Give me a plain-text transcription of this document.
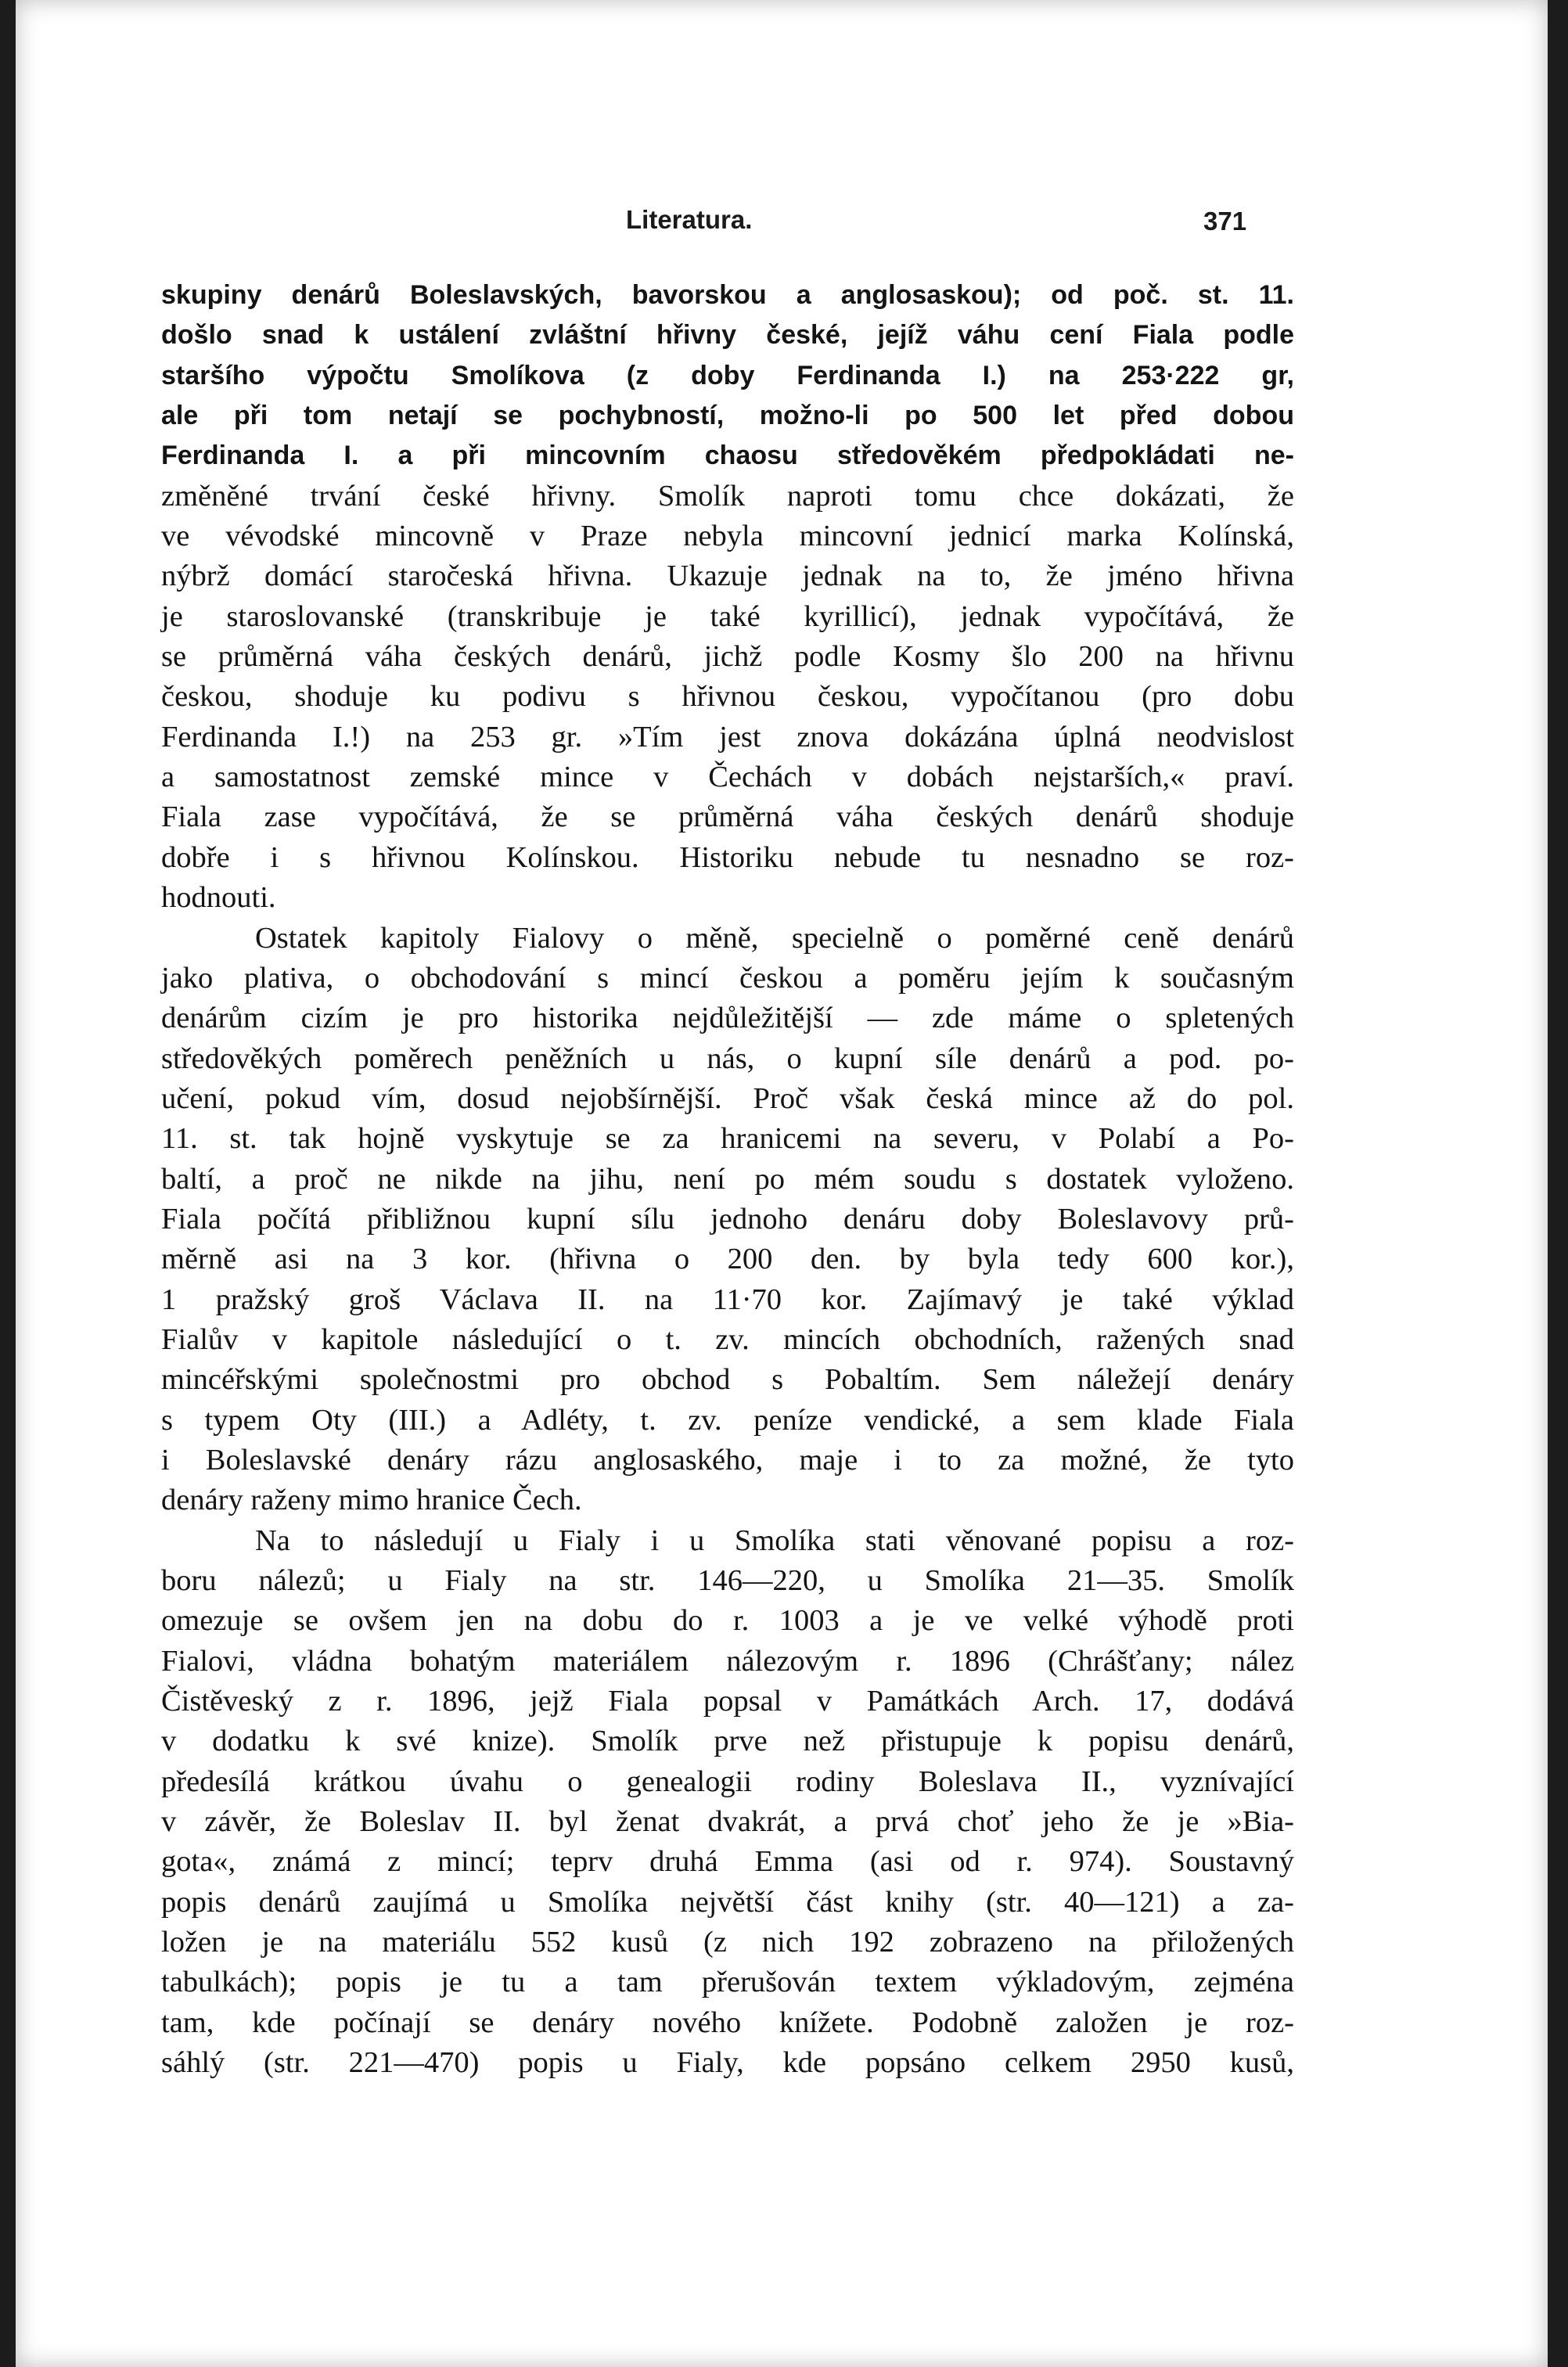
Literatura.	371
skupiny denárů Boleslavských, bavorskou a anglosaskou); od poč. st. 11.
došlo snad k ustálení zvláštní hřivny české, jejíž váhu cení Fiala podle
staršího výpočtu Smolíkova (z doby Ferdinanda I.) na 253·222 gr,
ale při tom netají se pochybností, možno-li po 500 let před dobou
Ferdinanda I. a při mincovním chaosu středověkém předpokládati ne-
změněné trvání české hřivny. Smolík naproti tomu chce dokázati, že
ve vévodské mincovně v Praze nebyla mincovní jednicí marka Kolínská,
nýbrž domácí staročeská hřivna. Ukazuje jednak na to, že jméno hřivna
je staroslovanské (transkribuje je také kyrillicí), jednak vypočítává, že
se průměrná váha českých denárů, jichž podle Kosmy šlo 200 na hřivnu
českou, shoduje ku podivu s hřivnou českou, vypočítanou (pro dobu
Ferdinanda I.!) na 253 gr. »Tím jest znova dokázána úplná neodvislost
a samostatnost zemské mince v Čechách v dobách nejstarších,« praví.
Fiala zase vypočítává, že se průměrná váha českých denárů shoduje
dobře i s hřivnou Kolínskou. Historiku nebude tu nesnadno se roz-
hodnouti.
Ostatek kapitoly Fialovy o měně, specielně o poměrné ceně denárů
jako plativa, o obchodování s mincí českou a poměru jejím k současným
denárům cizím je pro historika nejdůležitější — zde máme o spletených
středověkých poměrech peněžních u nás, o kupní síle denárů a pod. po-
učení, pokud vím, dosud nejobšírnější. Proč však česká mince až do pol.
11. st. tak hojně vyskytuje se za hranicemi na severu, v Polabí a Po-
baltí, a proč ne nikde na jihu, není po mém soudu s dostatek vyloženo.
Fiala počítá přibližnou kupní sílu jednoho denáru doby Boleslavovy prů-
měrně asi na 3 kor. (hřivna o 200 den. by byla tedy 600 kor.),
1 pražský groš Václava II. na 11·70 kor. Zajímavý je také výklad
Fialův v kapitole následující o t. zv. mincích obchodních, ražených snad
mincéřskými společnostmi pro obchod s Pobaltím. Sem náležejí denáry
s typem Oty (III.) a Adléty, t. zv. peníze vendické, a sem klade Fiala
i Boleslavské denáry rázu anglosaského, maje i to za možné, že tyto
denáry raženy mimo hranice Čech.
Na to následují u Fialy i u Smolíka stati věnované popisu a roz-
boru nálezů; u Fialy na str. 146—220, u Smolíka 21—35. Smolík
omezuje se ovšem jen na dobu do r. 1003 a je ve velké výhodě proti
Fialovi, vládna bohatým materiálem nálezovým r. 1896 (Chrášťany; nález
Čistěveský z r. 1896, jejž Fiala popsal v Památkách Arch. 17, dodává
v dodatku k své knize). Smolík prve než přistupuje k popisu denárů,
předesílá krátkou úvahu o genealogii rodiny Boleslava II., vyznívající
v závěr, že Boleslav II. byl ženat dvakrát, a prvá choť jeho že je »Bia-
gota«, známá z mincí; teprv druhá Emma (asi od r. 974). Soustavný
popis denárů zaujímá u Smolíka největší část knihy (str. 40—121) a za-
ložen je na materiálu 552 kusů (z nich 192 zobrazeno na přiložených
tabulkách); popis je tu a tam přerušován textem výkladovým, zejména
tam, kde počínají se denáry nového knížete. Podobně založen je roz-
sáhlý (str. 221—470) popis u Fialy, kde popsáno celkem 2950 kusů,
